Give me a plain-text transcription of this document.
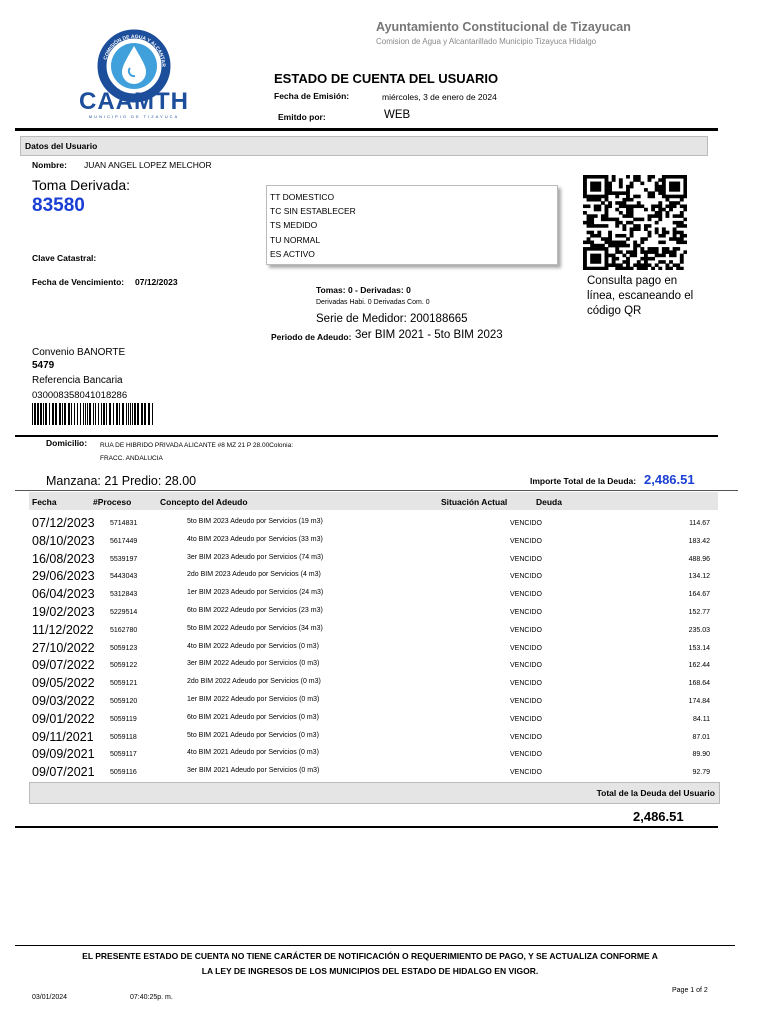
COMISIÓN DE AGUA Y ALCANTAR
CAAMTH
MUNICIPIO DE TIZAYUCA
Ayuntamiento Constitucional de Tizayucan
Comision de Agua y Alcantarillado Municipio Tizayuca Hidalgo
ESTADO DE CUENTA DEL USUARIO
Fecha de Emisión:	miércoles, 3 de enero de 2024
Emitdo por:	WEB
Datos del Usuario
Nombre: JUAN ANGEL LOPEZ MELCHOR
Toma Derivada:
83580
Clave Catastral:
Fecha de Vencimiento: 07/12/2023
TT DOMESTICO
TC SIN ESTABLECER
TS MEDIDO
TU NORMAL
ES ACTIVO
Tomas: 0 - Derivadas: 0
Derivadas Habi. 0 Derivadas Com. 0
Serie de Medidor: 200188665
Periodo de Adeudo: 3er BIM 2021 - 5to BIM 2023
Consulta pago en línea, escaneando el código QR
Convenio BANORTE
5479
Referencia Bancaria
030008358041018286
Domicilio: RUA DE HIBRIDO PRIVADA ALICANTE #8 MZ 21 P 28.00Colonia:
FRACC. ANDALUCIA
Manzana: 21 Predio: 28.00	Importe Total de la Deuda: 2,486.51
Fecha	#Proceso	Concepto del Adeudo	Situación Actual	Deuda
07/12/2023 5714831	5to BIM 2023 Adeudo por Servicios (19 m3)	VENCIDO	114.67
08/10/2023 5617449	4to BIM 2023 Adeudo por Servicios (33 m3)	VENCIDO	183.42
16/08/2023 5539197	3er BIM 2023 Adeudo por Servicios (74 m3)	VENCIDO	488.96
29/06/2023 5443043	2do BIM 2023 Adeudo por Servicios (4 m3)	VENCIDO	134.12
06/04/2023 5312843	1er BIM 2023 Adeudo por Servicios (24 m3)	VENCIDO	164.67
19/02/2023 5229514	6to BIM 2022 Adeudo por Servicios (23 m3)	VENCIDO	152.77
11/12/2022 5162780	5to BIM 2022 Adeudo por Servicios (34 m3)	VENCIDO	235.03
27/10/2022 5059123	4to BIM 2022 Adeudo por Servicios (0 m3)	VENCIDO	153.14
09/07/2022 5059122	3er BIM 2022 Adeudo por Servicios (0 m3)	VENCIDO	162.44
09/05/2022 5059121	2do BIM 2022 Adeudo por Servicios (0 m3)	VENCIDO	168.64
09/03/2022 5059120	1er BIM 2022 Adeudo por Servicios (0 m3)	VENCIDO	174.84
09/01/2022 5059119	6to BIM 2021 Adeudo por Servicios (0 m3)	VENCIDO	84.11
09/11/2021 5059118	5to BIM 2021 Adeudo por Servicios (0 m3)	VENCIDO	87.01
09/09/2021 5059117	4to BIM 2021 Adeudo por Servicios (0 m3)	VENCIDO	89.90
09/07/2021 5059116	3er BIM 2021 Adeudo por Servicios (0 m3)	VENCIDO	92.79
Total de la Deuda del Usuario
2,486.51
EL PRESENTE ESTADO DE CUENTA NO TIENE CARÁCTER DE NOTIFICACIÓN O REQUERIMIENTO DE PAGO, Y SE ACTUALIZA CONFORME A
LA LEY DE INGRESOS DE LOS MUNICIPIOS DEL ESTADO DE HIDALGO EN VIGOR.
03/01/2024	07:40:25p. m.
Page 1 of 2
